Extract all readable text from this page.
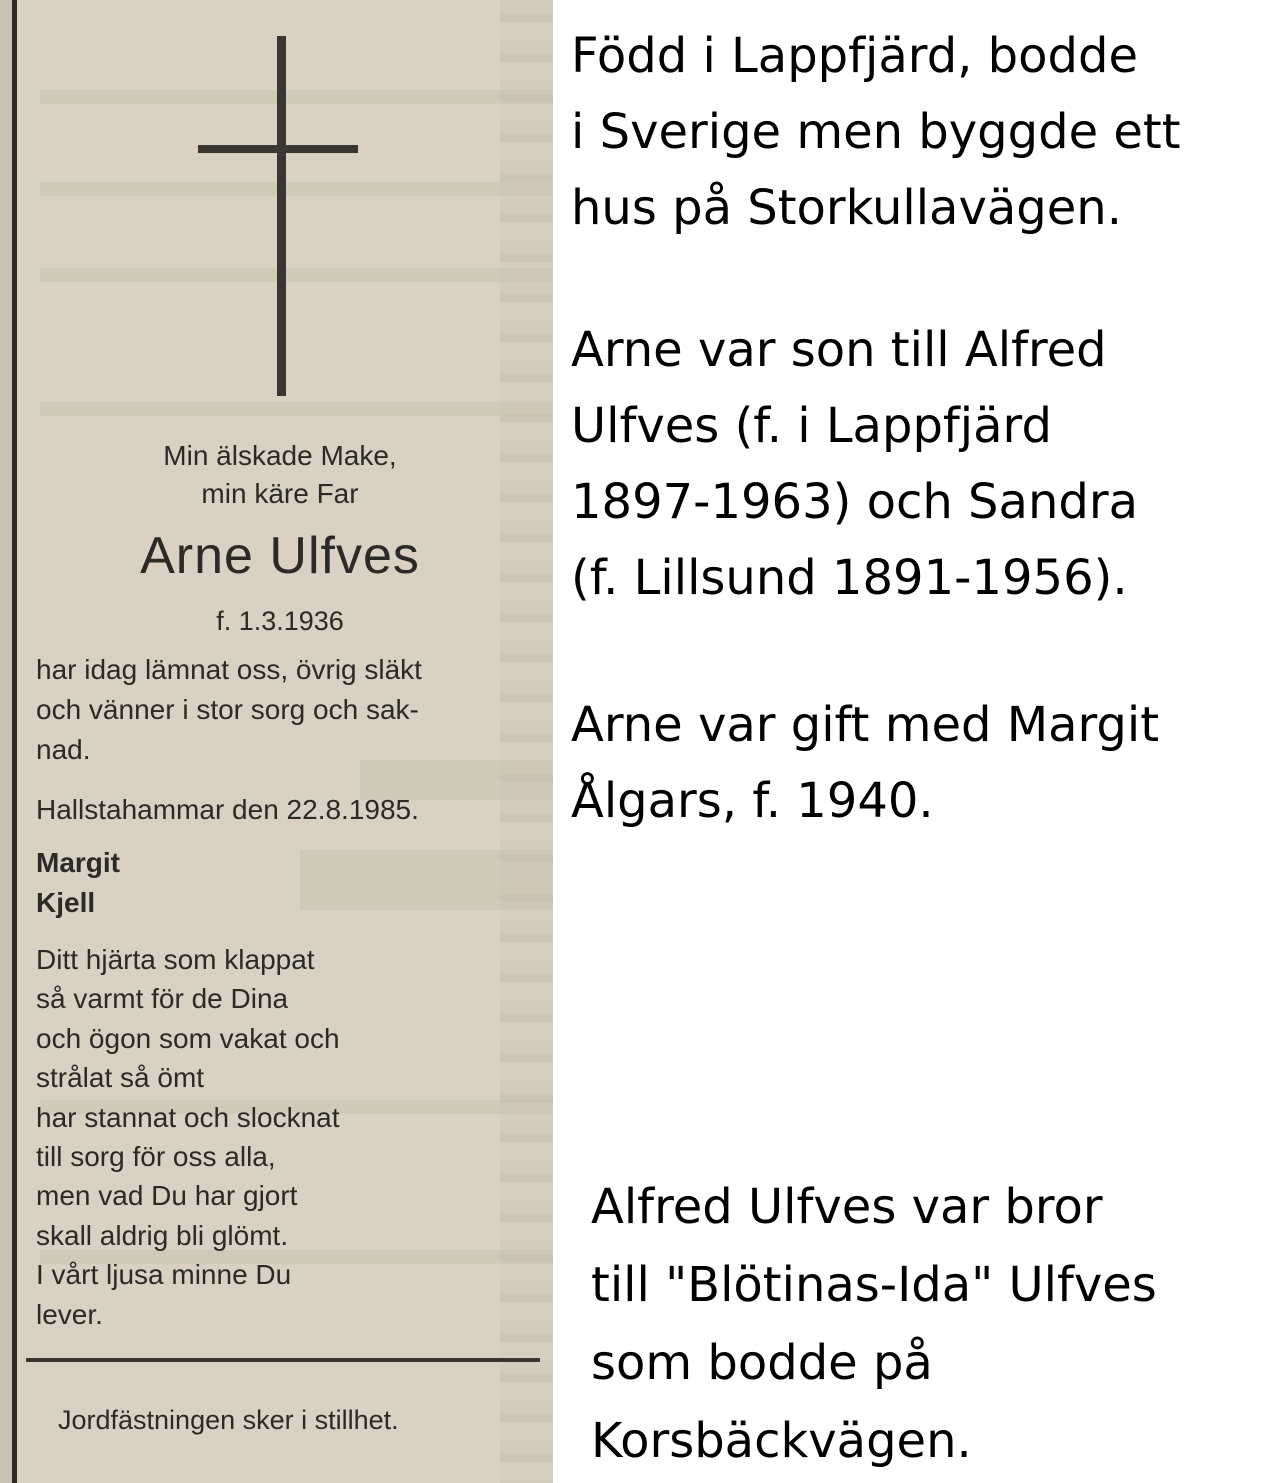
Min älskade Make,
min käre Far
Arne Ulfves
f. 1.3.1936
har idag lämnat oss, övrig släkt
och vänner i stor sorg och sak-
nad.
Hallstahammar den 22.8.1985.
Margit
Kjell
Ditt hjärta som klappat
så varmt för de Dina
och ögon som vakat och
strålat så ömt
har stannat och slocknat
till sorg för oss alla,
men vad Du har gjort
skall aldrig bli glömt.
I vårt ljusa minne Du
lever.
Jordfästningen sker i stillhet.
Född i Lappfjärd, bodde
i Sverige men byggde ett
hus på Storkullavägen.
Arne var son till Alfred
Ulfves (f. i Lappfjärd
1897-1963) och Sandra
(f. Lillsund 1891-1956).
Arne var gift med Margit
Ålgars, f. 1940.
Alfred Ulfves var bror
till "Blötinas-Ida" Ulfves
som bodde på
Korsbäckvägen.
